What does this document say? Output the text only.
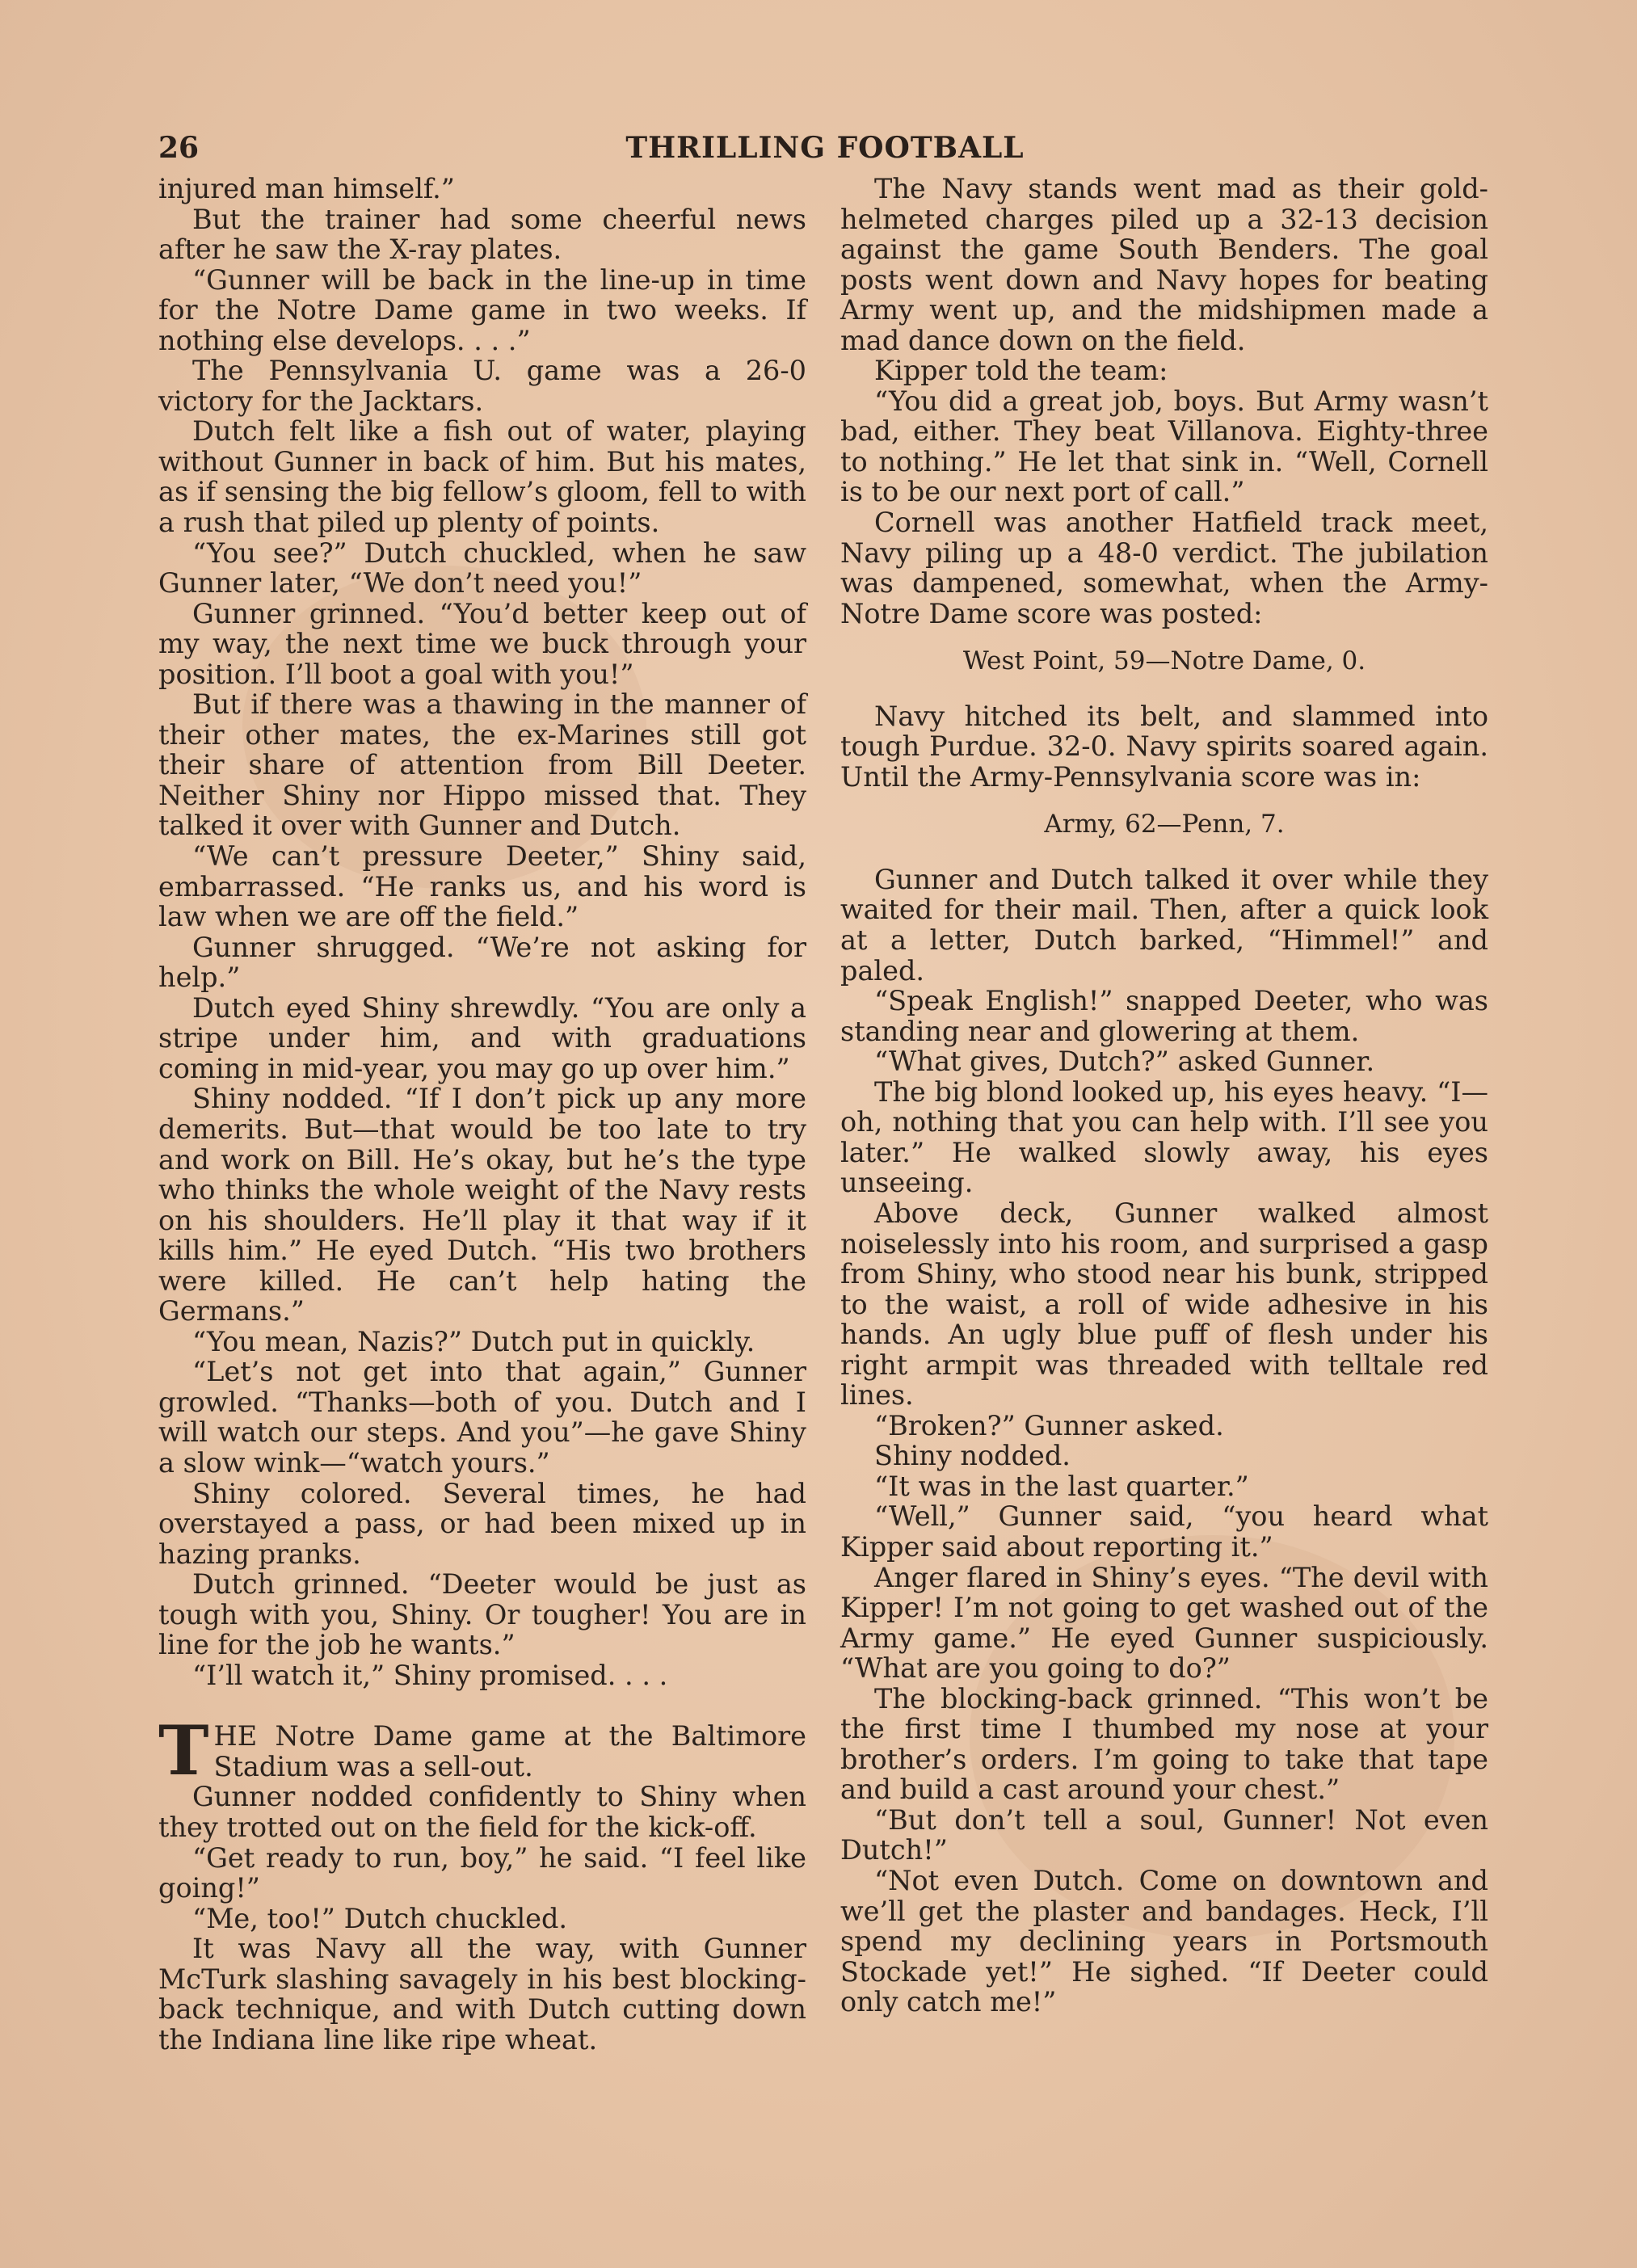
26	THRILLING FOOTBALL

injured man himself.”

But the trainer had some cheerful news after he saw the X-ray plates.

“Gunner will be back in the line-up in time for the Notre Dame game in two weeks. If nothing else develops. . . .”

The Pennsylvania U. game was a 26-0 victory for the Jacktars.

Dutch felt like a fish out of water, playing without Gunner in back of him. But his mates, as if sensing the big fellow’s gloom, fell to with a rush that piled up plenty of points.

“You see?” Dutch chuckled, when he saw Gunner later, “We don’t need you!”

Gunner grinned. “You’d better keep out of my way, the next time we buck through your position. I’ll boot a goal with you!”

But if there was a thawing in the manner of their other mates, the ex-Marines still got their share of attention from Bill Deeter. Neither Shiny nor Hippo missed that. They talked it over with Gunner and Dutch.

“We can’t pressure Deeter,” Shiny said, embarrassed. “He ranks us, and his word is law when we are off the field.”

Gunner shrugged. “We’re not asking for help.”

Dutch eyed Shiny shrewdly. “You are only a stripe under him, and with graduations coming in mid-year, you may go up over him.”

Shiny nodded. “If I don’t pick up any more demerits. But—that would be too late to try and work on Bill. He’s okay, but he’s the type who thinks the whole weight of the Navy rests on his shoulders. He’ll play it that way if it kills him.” He eyed Dutch. “His two brothers were killed. He can’t help hating the Germans.”

“You mean, Nazis?” Dutch put in quickly.

“Let’s not get into that again,” Gunner growled. “Thanks—both of you. Dutch and I will watch our steps. And you”—he gave Shiny a slow wink—“watch yours.”

Shiny colored. Several times, he had overstayed a pass, or had been mixed up in hazing pranks.

Dutch grinned. “Deeter would be just as tough with you, Shiny. Or tougher! You are in line for the job he wants.”

“I’ll watch it,” Shiny promised. . . .

THE Notre Dame game at the Baltimore Stadium was a sell-out.

Gunner nodded confidently to Shiny when they trotted out on the field for the kick-off.

“Get ready to run, boy,” he said. “I feel like going!”

“Me, too!” Dutch chuckled.

It was Navy all the way, with Gunner McTurk slashing savagely in his best blocking-back technique, and with Dutch cutting down the Indiana line like ripe wheat.

The Navy stands went mad as their gold-helmeted charges piled up a 32-13 decision against the game South Benders. The goal posts went down and Navy hopes for beating Army went up, and the midshipmen made a mad dance down on the field.

Kipper told the team:

“You did a great job, boys. But Army wasn’t bad, either. They beat Villanova. Eighty-three to nothing.” He let that sink in. “Well, Cornell is to be our next port of call.”

Cornell was another Hatfield track meet, Navy piling up a 48-0 verdict. The jubilation was dampened, somewhat, when the Army-Notre Dame score was posted:

West Point, 59—Notre Dame, 0.

Navy hitched its belt, and slammed into tough Purdue. 32-0. Navy spirits soared again. Until the Army-Pennsylvania score was in:

Army, 62—Penn, 7.

Gunner and Dutch talked it over while they waited for their mail. Then, after a quick look at a letter, Dutch barked, “Himmel!” and paled.

“Speak English!” snapped Deeter, who was standing near and glowering at them.

“What gives, Dutch?” asked Gunner.

The big blond looked up, his eyes heavy. “I—oh, nothing that you can help with. I’ll see you later.” He walked slowly away, his eyes unseeing.

Above deck, Gunner walked almost noiselessly into his room, and surprised a gasp from Shiny, who stood near his bunk, stripped to the waist, a roll of wide adhesive in his hands. An ugly blue puff of flesh under his right armpit was threaded with telltale red lines.

“Broken?” Gunner asked.

Shiny nodded.

“It was in the last quarter.”

“Well,” Gunner said, “you heard what Kipper said about reporting it.”

Anger flared in Shiny’s eyes. “The devil with Kipper! I’m not going to get washed out of the Army game.” He eyed Gunner suspiciously. “What are you going to do?”

The blocking-back grinned. “This won’t be the first time I thumbed my nose at your brother’s orders. I’m going to take that tape and build a cast around your chest.”

“But don’t tell a soul, Gunner! Not even Dutch!”

“Not even Dutch. Come on downtown and we’ll get the plaster and bandages. Heck, I’ll spend my declining years in Portsmouth Stockade yet!” He sighed. “If Deeter could only catch me!”
